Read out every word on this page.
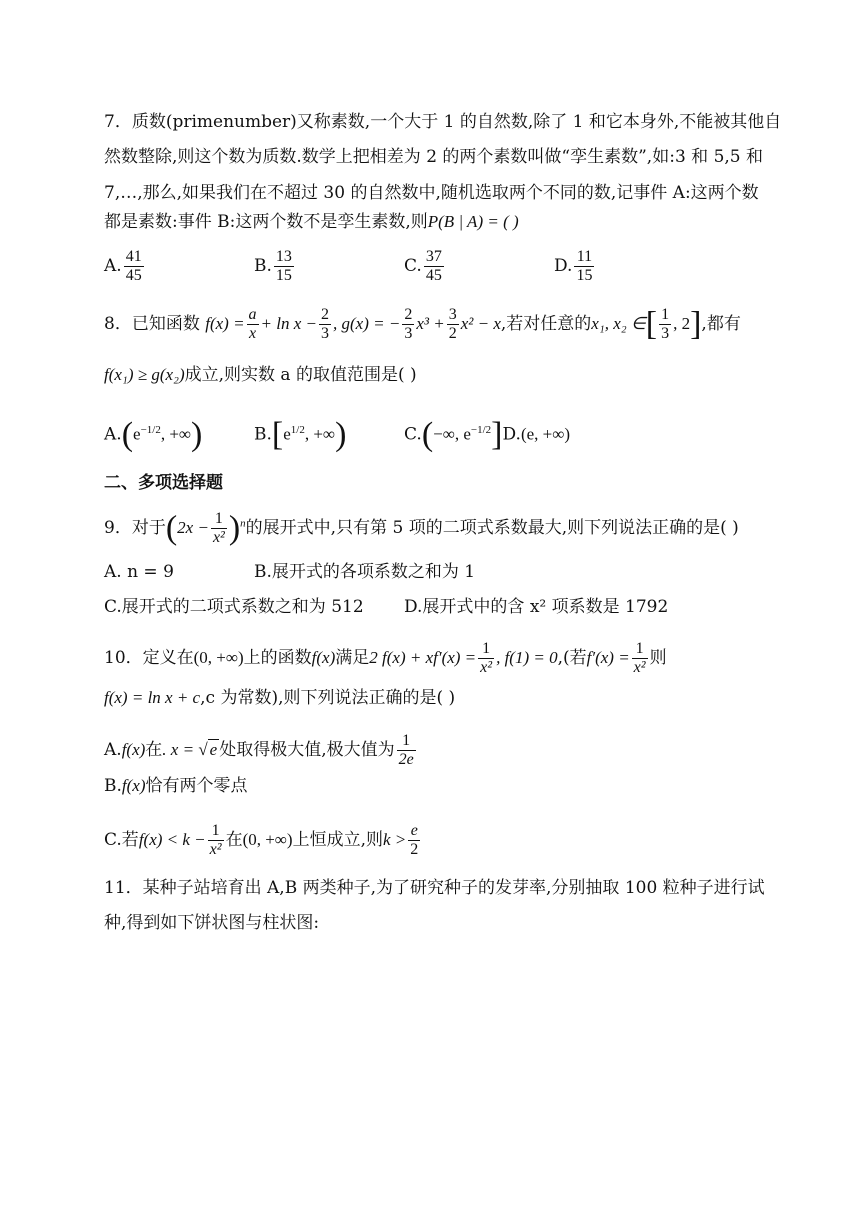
7．质数(primenumber)又称素数,一个大于 1 的自然数,除了 1 和它本身外,不能被其他自
然数整除,则这个数为质数.数学上把相差为 2 的两个素数叫做“孪生素数”,如:3 和 5,5 和
7,…,那么,如果我们在不超过 30 的自然数中,随机选取两个不同的数,记事件 A:这两个数
都是素数:事件 B:这两个数不是孪生素数,则P(B | A) = ( )
A. $\frac{41}{45}$	B. $\frac{13}{15}$	C. $\frac{37}{45}$	D. $\frac{11}{15}$
8．已知函数 $f(x) = \frac{a}{x} + \ln x - \frac{2}{3}$ , g(x) = − $\frac{2}{3} x^3 + \frac{3}{2} x^2 - x$,若对任意的x₁, x₂ ∈[ $\frac{1}{3}$ , 2],都有
f(x₁) ≥ g(x₂)成立,则实数 a 的取值范围是( )
$A.(e^{-1/2}$, +∞)	$B.[e^{1/2}$, +∞)	C.(−∞, $e^{-1/2}]D.(e$, +∞)
二、多项选择题
9．对于$(2x - \frac{1}{\text{x²}} )^n$的展开式中,只有第 5 项的二项式系数最大,则下列说法正确的是( )
A. n = 9	B.展开式的各项系数之和为 1
C.展开式的二项式系数之和为 512 D.展开式中的含 x² 项系数是 1792
10．定义在(0, +∞)上的函数f(x)满足2 $f(x) + xf'(x) = \frac{1}{\text{x²}}$ , f(1) = 0,(若$f'(x) = \frac{1}{\text{x²}}$ 则
f(x) = ln x + c,c 为常数),则下列说法正确的是( )
A.f(x)在. x = √ e 处取得极大值,极大值为 $\frac{1}{2e}$
B.f(x)恰有两个零点
C.若$f(x) < k - \frac{1}{\text{x²}}$ 在(0, +∞)上恒成立,则$k > \frac{e}{2}$
11．某种子站培育出 A,B 两类种子,为了研究种子的发芽率,分别抽取 100 粒种子进行试
种,得到如下饼状图与柱状图:
